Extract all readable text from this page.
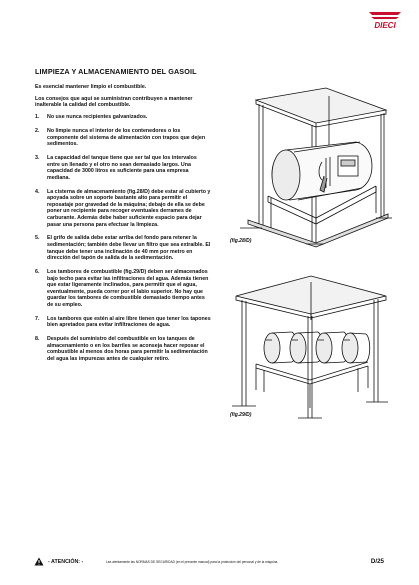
DIECI
LIMPIEZA Y ALMACENAMIENTO DEL GASOIL

Es esencial mantener limpio el combustible.

Los consejos que aquí se suministran contribuyen a mantener inalterable la calidad del combustible.

1.	No use nunca recipientes galvanizados.
2.	No limpie nunca el interior de los contenedores o los componente del sistema de alimentación con trapos que dejen sedimentos.
3.	La capacidad del tanque tiene que ser tal que los intervalos entre un llenado y el otro no sean demasiado largos. Una capacidad de 3000 litros es suficiente para una empresa mediana.
4.	La cisterna de almacenamiento (fig.28/D) debe estar al cubierto y apoyada sobre un soporte bastante alto para permitir el reposataje por gravedad de la máquina; debajo de ella se debe poner un recipiente para recoger eventuales derrames de carburante. Además debe haber suficiente espacio para dejar pasar una persona para efectuar la limpieza.
5.	El grifo de salida debe estar arriba del fondo para retener la sedimentación; también debe llevar un filtro que sea extraíble. El tanque debe tener una inclinación de 40 mm por metro en dirección del tapón de salida de la sedimentación.
6.	Los tambores de combustible (fig.29/D) deben ser almacenados bajo techo para evitar las infiltraciones del agua. Además tienen que estar ligeramente inclinados, para permitir que el agua, eventualmente, pueda correr por el labio superior. No hay que guardar los tambores de combustible demasiado tiempo antes de su empleo.
7.	Los tambores que estén al aire libre tienen que tener los tapones bien apretados para evitar infiltraciones de agua.
8.	Después del suministro del combustible en los tanques de almacenamiento o en los barriles se aconseja hacer reposar el combustible al menos dos horas para permitir la sedimentación del agua las impurezas antes de cualquier retiro.
(fig.28/D)
(fig.29/D)
- ATENCIÓN: -	Lea atentamente las NORMAS DE SEGURIDAD (en el presente manual) para la protección del personal y de la máquina.	D/25
